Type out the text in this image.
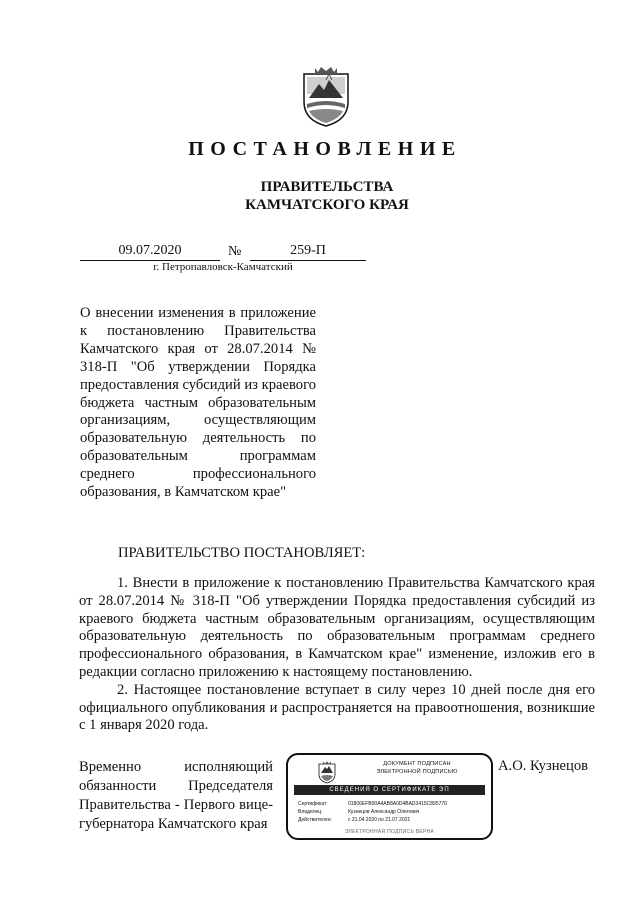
ПОСТАНОВЛЕНИЕ
ПРАВИТЕЛЬСТВА
КАМЧАТСКОГО КРАЯ
09.07.2020	№	259-П
г. Петропавловск-Камчатский
О внесении изменения в приложение к постановлению Правительства Камчатского края от 28.07.2014 № 318-П "Об утверждении Порядка предоставления субсидий из краевого бюджета частным образовательным организациям, осуществляющим образовательную деятельность по образовательным программам среднего профессионального образования, в Камчатском крае"
ПРАВИТЕЛЬСТВО ПОСТАНОВЛЯЕТ:

1. Внести в приложение к постановлению Правительства Камчатского края от 28.07.2014 № 318-П "Об утверждении Порядка предоставления субсидий из краевого бюджета частным образовательным организациям, осуществляющим образовательную деятельность по образовательным программам среднего профессионального образования, в Камчатском крае" изменение, изложив его в редакции согласно приложению к настоящему постановлению.

2. Настоящее постановление вступает в силу через 10 дней после дня его официального опубликования и распространяется на правоотношения, возникшие с 1 января 2020 года.

Временно исполняющий обязанности Председателя Правительства - Первого вице-губернатора Камчатского края
А.О. Кузнецов
ДОКУМЕНТ ПОДПИСАН
ЭЛЕКТРОННОЙ ПОДПИСЬЮ
СВЕДЕНИЯ О СЕРТИФИКАТЕ ЭП
Сертификат:	01806EFB00A4AB8A0D4BAD3415C895770
Владелец:	Кузнецов Александр Олегович
Действителен:	с 21.04.2020 по 21.07.2021
ЭЛЕКТРОННАЯ ПОДПИСЬ ВЕРНА
